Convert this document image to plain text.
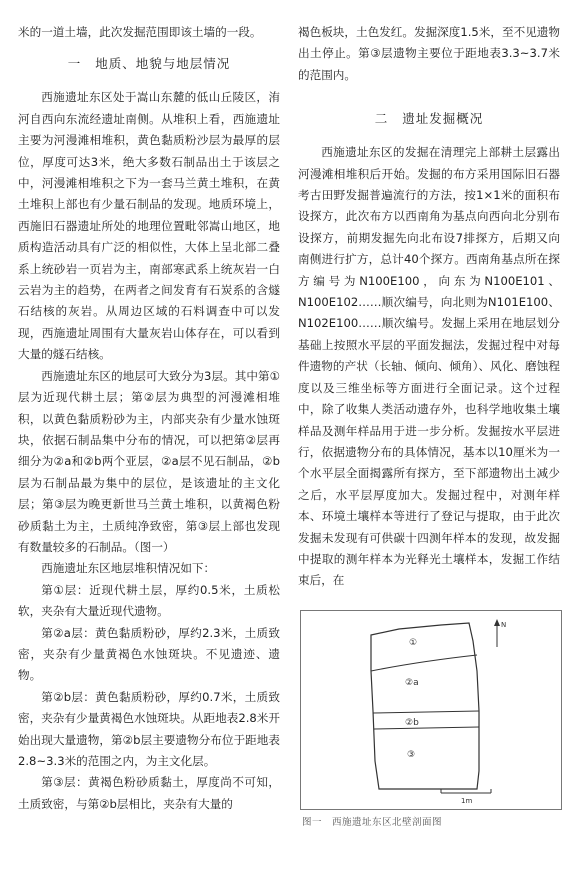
米的一道土墙，此次发掘范围即该土墙的一段。

一 地质、地貌与地层情况

西施遗址东区处于嵩山东麓的低山丘陵区，洧河自西向东流经遗址南侧。从堆积上看，西施遗址主要为河漫滩相堆积，黄色黏质粉沙层为最厚的层位，厚度可达3米，绝大多数石制品出土于该层之中，河漫滩相堆积之下为一套马兰黄土堆积，在黄土堆积上部也有少量石制品的发现。地质环境上，西施旧石器遗址所处的地理位置毗邻嵩山地区，地质构造活动具有广泛的相似性，大体上呈北部二叠系上统砂岩一页岩为主，南部寒武系上统灰岩一白云岩为主的趋势，在两者之间发育有石炭系的含燧石结核的灰岩。从周边区域的石料调查中可以发现，西施遗址周围有大量灰岩山体存在，可以看到大量的燧石结核。

西施遗址东区的地层可大致分为3层。其中第①层为近现代耕土层；第②层为典型的河漫滩相堆积，以黄色黏质粉砂为主，内部夹杂有少量水蚀斑块，依据石制品集中分布的情况，可以把第②层再细分为②a和②b两个亚层，②a层不见石制品，②b层为石制品最为集中的层位，是该遗址的主文化层；第③层为晚更新世马兰黄土堆积，以黄褐色粉砂质黏土为主，土质纯净致密，第③层上部也发现有数量较多的石制品。（图一）

西施遗址东区地层堆积情况如下：

第①层：近现代耕土层，厚约0.5米，土质松软，夹杂有大量近现代遗物。

第②a层：黄色黏质粉砂，厚约2.3米，土质致密，夹杂有少量黄褐色水蚀斑块。不见遗迹、遗物。

第②b层：黄色黏质粉砂，厚约0.7米，土质致密，夹杂有少量黄褐色水蚀斑块。从距地表2.8米开始出现大量遗物，第②b层主要遗物分布位于距地表2.8~3.3米的范围之内，为主文化层。

第③层：黄褐色粉砂质黏土，厚度尚不可知，土质致密，与第②b层相比，夹杂有大量的

褐色板块，土色发红。发掘深度1.5米，至不见遗物出土停止。第③层遗物主要位于距地表3.3~3.7米的范围内。

二 遗址发掘概况

西施遗址东区的发掘在清理完上部耕土层露出河漫滩相堆积后开始。发掘的布方采用国际旧石器考古田野发掘普遍流行的方法，按1×1米的面积布设探方，此次布方以西南角为基点向西向北分别布设探方，前期发掘先向北布设7排探方，后期又向南侧进行扩方，总计40个探方。西南角基点所在探方编号为N100E100，向东为N100E101、N100E102……顺次编号，向北则为N101E100、N102E100……顺次编号。发掘上采用在地层划分基础上按照水平层的平面发掘法，发掘过程中对每件遗物的产状（长轴、倾向、倾角）、风化、磨蚀程度以及三维坐标等方面进行全面记录。这个过程中，除了收集人类活动遗存外，也科学地收集土壤样品及测年样品用于进一步分析。发掘按水平层进行，依据遗物分布的具体情况，基本以10厘米为一个水平层全面揭露所有探方，至下部遗物出土减少之后，水平层厚度加大。发掘过程中，对测年样本、环境土壤样本等进行了登记与提取，由于此次发掘未发现有可供碳十四测年样本的发现，故发掘中提取的测年样本为光释光土壤样本，发掘工作结束后，在

①
②a
②b
③
N
1m
图一 西施遗址东区北壁剖面图
